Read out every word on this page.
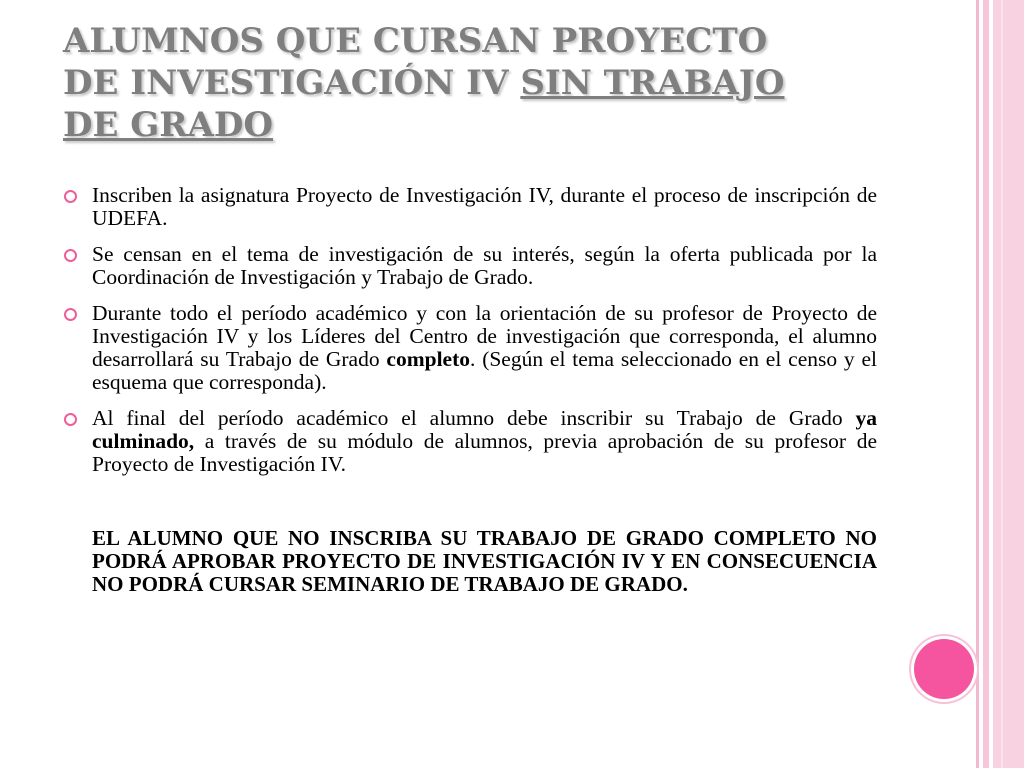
ALUMNOS QUE CURSAN PROYECTO
DE INVESTIGACIÓN IV SIN TRABAJO
DE GRADO
Inscriben la asignatura Proyecto de Investigación IV, durante el proceso de inscripción de UDEFA.
Se censan en el tema de investigación de su interés, según la oferta publicada por la Coordinación de Investigación y Trabajo de Grado.
Durante todo el período académico y con la orientación de su profesor de Proyecto de Investigación IV y los Líderes del Centro de investigación que corresponda, el alumno desarrollará su Trabajo de Grado completo. (Según el tema seleccionado en el censo y el esquema que corresponda).
Al final del período académico el alumno debe inscribir su Trabajo de Grado ya culminado, a través de su módulo de alumnos, previa aprobación de su profesor de Proyecto de Investigación IV.

EL ALUMNO QUE NO INSCRIBA SU TRABAJO DE GRADO COMPLETO NO PODRÁ APROBAR PROYECTO DE INVESTIGACIÓN IV Y EN CONSECUENCIA NO PODRÁ CURSAR SEMINARIO DE TRABAJO DE GRADO.
